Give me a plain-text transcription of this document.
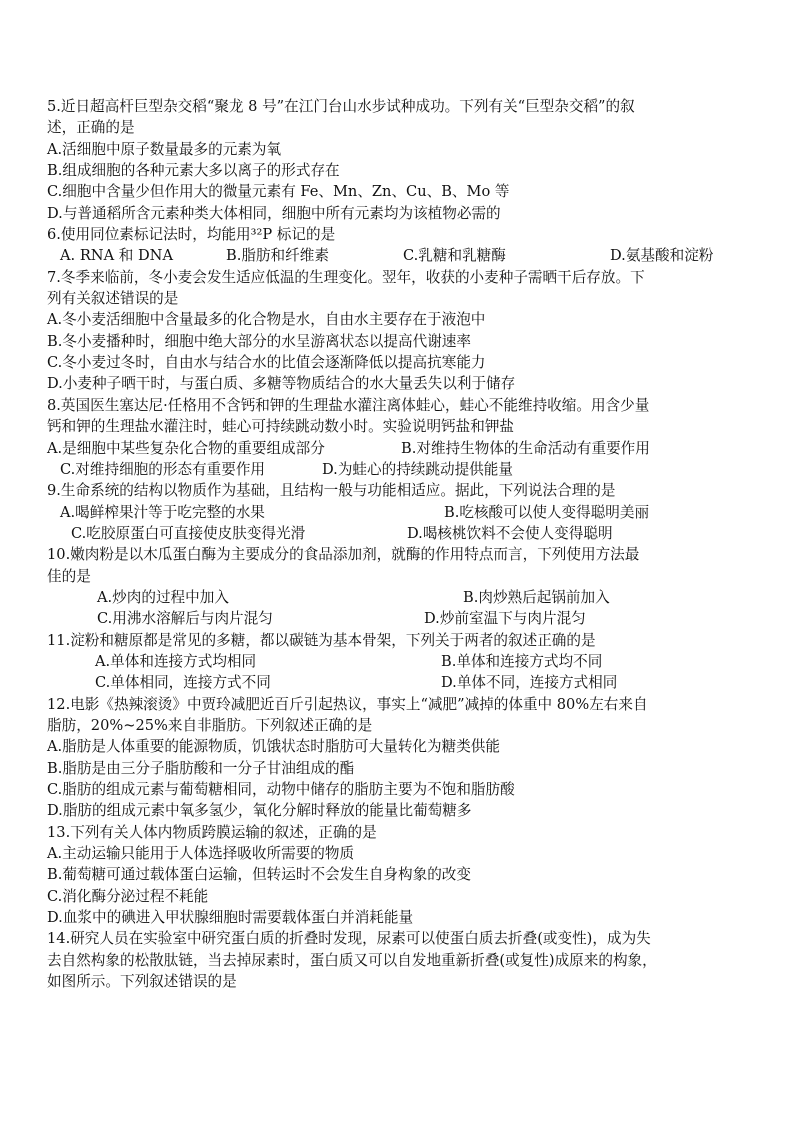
5.近日超高杆巨型杂交稻“聚龙 8 号”在江门台山水步试种成功。下列有关“巨型杂交稻”的叙
述，正确的是
A.活细胞中原子数量最多的元素为氧
B.组成细胞的各种元素大多以离子的形式存在
C.细胞中含量少但作用大的微量元素有 Fe、Mn、Zn、Cu、B、Mo 等
D.与普通稻所含元素种类大体相同，细胞中所有元素均为该植物必需的
6.使用同位素标记法时，均能用³²P 标记的是
A. RNA 和 DNA	B.脂肪和纤维素	C.乳糖和乳糖酶	D.氨基酸和淀粉
7.冬季来临前，冬小麦会发生适应低温的生理变化。翌年，收获的小麦种子需晒干后存放。下
列有关叙述错误的是
A.冬小麦活细胞中含量最多的化合物是水，自由水主要存在于液泡中
B.冬小麦播种时，细胞中绝大部分的水呈游离状态以提高代谢速率
C.冬小麦过冬时，自由水与结合水的比值会逐渐降低以提高抗寒能力
D.小麦种子晒干时，与蛋白质、多糖等物质结合的水大量丢失以利于储存
8.英国医生塞达尼·任格用不含钙和钾的生理盐水灌注离体蛙心，蛙心不能维持收缩。用含少量
钙和钾的生理盐水灌注时，蛙心可持续跳动数小时。实验说明钙盐和钾盐
A.是细胞中某些复杂化合物的重要组成部分	B.对维持生物体的生命活动有重要作用
C.对维持细胞的形态有重要作用	D.为蛙心的持续跳动提供能量
9.生命系统的结构以物质作为基础，且结构一般与功能相适应。据此，下列说法合理的是
A.喝鲜榨果汁等于吃完整的水果	B.吃核酸可以使人变得聪明美丽
C.吃胶原蛋白可直接使皮肤变得光滑	D.喝核桃饮料不会使人变得聪明
10.嫩肉粉是以木瓜蛋白酶为主要成分的食品添加剂，就酶的作用特点而言，下列使用方法最
佳的是
A.炒肉的过程中加入	B.肉炒熟后起锅前加入
C.用沸水溶解后与肉片混匀	D.炒前室温下与肉片混匀
11.淀粉和糖原都是常见的多糖，都以碳链为基本骨架，下列关于两者的叙述正确的是
A.单体和连接方式均相同	B.单体和连接方式均不同
C.单体相同，连接方式不同	D.单体不同，连接方式相同
12.电影《热辣滚烫》中贾玲减肥近百斤引起热议，事实上“减肥”减掉的体重中 80%左右来自
脂肪，20%~25%来自非脂肪。下列叙述正确的是
A.脂肪是人体重要的能源物质，饥饿状态时脂肪可大量转化为糖类供能
B.脂肪是由三分子脂肪酸和一分子甘油组成的酯
C.脂肪的组成元素与葡萄糖相同，动物中储存的脂肪主要为不饱和脂肪酸
D.脂肪的组成元素中氧多氢少，氧化分解时释放的能量比葡萄糖多
13.下列有关人体内物质跨膜运输的叙述，正确的是
A.主动运输只能用于人体选择吸收所需要的物质
B.葡萄糖可通过载体蛋白运输，但转运时不会发生自身构象的改变
C.消化酶分泌过程不耗能
D.血浆中的碘进入甲状腺细胞时需要载体蛋白并消耗能量
14.研究人员在实验室中研究蛋白质的折叠时发现，尿素可以使蛋白质去折叠(或变性)，成为失
去自然构象的松散肽链，当去掉尿素时，蛋白质又可以自发地重新折叠(或复性)成原来的构象，
如图所示。下列叙述错误的是
